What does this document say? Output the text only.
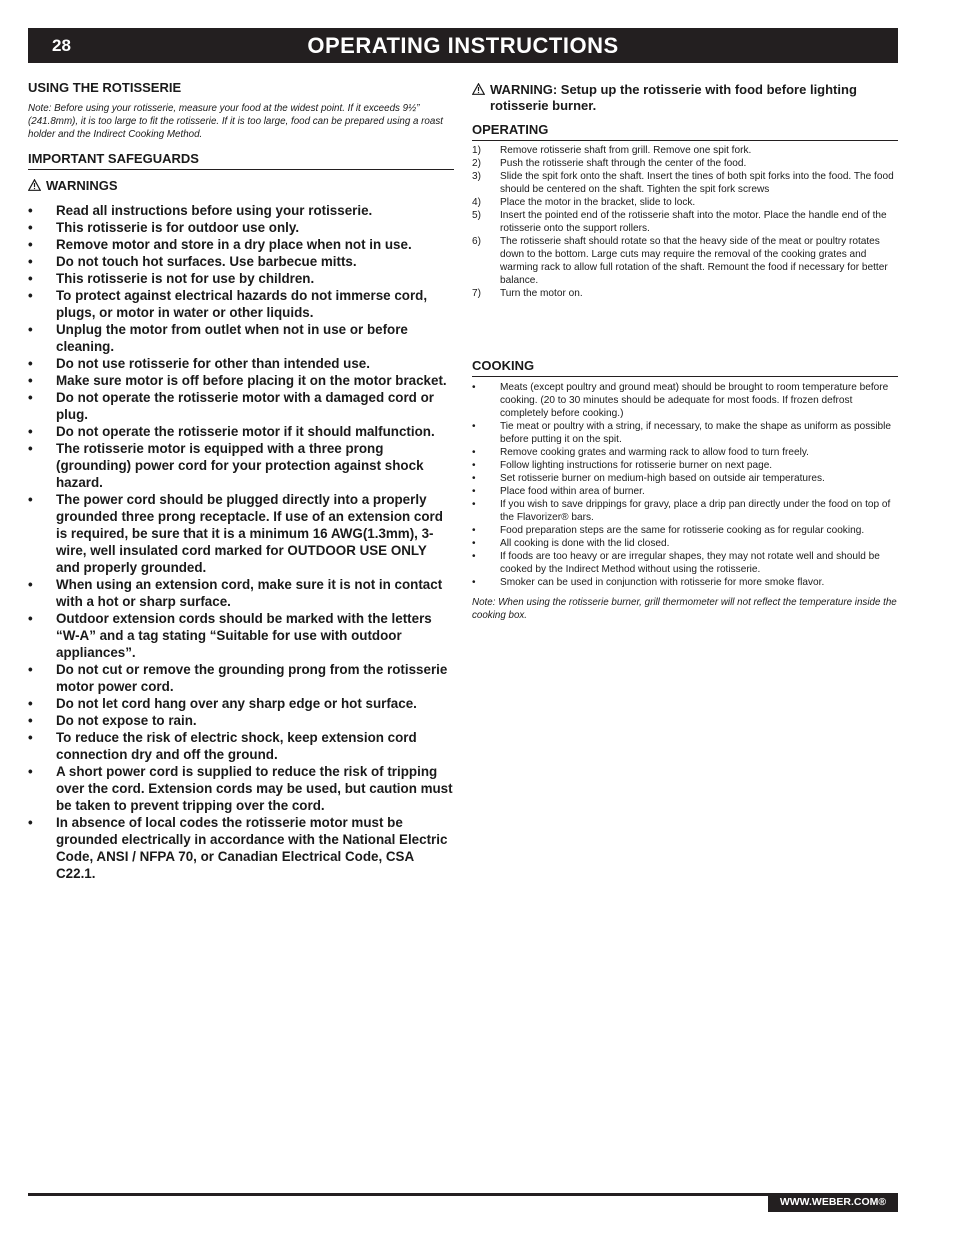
28	OPERATING INSTRUCTIONS

USING THE ROTISSERIE

Note: Before using your rotisserie, measure your food at the widest point. If it exceeds 9½” (241.8mm), it is too large to fit the rotisserie. If it is too large, food can be prepared using a roast holder and the Indirect Cooking Method.

IMPORTANT SAFEGUARDS

WARNINGS
• Read all instructions before using your rotisserie.
• This rotisserie is for outdoor use only.
• Remove motor and store in a dry place when not in use.
• Do not touch hot surfaces. Use barbecue mitts.
• This rotisserie is not for use by children.
• To protect against electrical hazards do not immerse cord, plugs, or motor in water or other liquids.
• Unplug the motor from outlet when not in use or before cleaning.
• Do not use rotisserie for other than intended use.
• Make sure motor is off before placing it on the motor bracket.
• Do not operate the rotisserie motor with a damaged cord or plug.
• Do not operate the rotisserie motor if it should malfunction.
• The rotisserie motor is equipped with a three prong (grounding) power cord for your protection against shock hazard.
• The power cord should be plugged directly into a properly grounded three prong receptacle. If use of an extension cord is required, be sure that it is a minimum 16 AWG(1.3mm), 3-wire, well insulated cord marked for OUTDOOR USE ONLY and properly grounded.
• When using an extension cord, make sure it is not in contact with a hot or sharp surface.
• Outdoor extension cords should be marked with the letters “W-A” and a tag stating “Suitable for use with outdoor appliances”.
• Do not cut or remove the grounding prong from the rotisserie motor power cord.
• Do not let cord hang over any sharp edge or hot surface.
• Do not expose to rain.
• To reduce the risk of electric shock, keep extension cord connection dry and off the ground.
• A short power cord is supplied to reduce the risk of tripping over the cord. Extension cords may be used, but caution must be taken to prevent tripping over the cord.
• In absence of local codes the rotisserie motor must be grounded electrically in accordance with the National Electric Code, ANSI / NFPA 70, or Canadian Electrical Code, CSA C22.1.
WARNING: Setup up the rotisserie with food before lighting rotisserie burner.

OPERATING

1) Remove rotisserie shaft from grill. Remove one spit fork.
2) Push the rotisserie shaft through the center of the food.
3) Slide the spit fork onto the shaft. Insert the tines of both spit forks into the food. The food should be centered on the shaft. Tighten the spit fork screws
4) Place the motor in the bracket, slide to lock.
5) Insert the pointed end of the rotisserie shaft into the motor. Place the handle end of the rotisserie onto the support rollers.
6) The rotisserie shaft should rotate so that the heavy side of the meat or poultry rotates down to the bottom. Large cuts may require the removal of the cooking grates and warming rack to allow full rotation of the shaft. Remount the food if necessary for better balance.
7) Turn the motor on.

COOKING

• Meats (except poultry and ground meat) should be brought to room temperature before cooking. (20 to 30 minutes should be adequate for most foods. If frozen defrost completely before cooking.)
• Tie meat or poultry with a string, if necessary, to make the shape as uniform as possible before putting it on the spit.
• Remove cooking grates and warming rack to allow food to turn freely.
• Follow lighting instructions for rotisserie burner on next page.
• Set rotisserie burner on medium-high based on outside air temperatures.
• Place food within area of burner.
• If you wish to save drippings for gravy, place a drip pan directly under the food on top of the Flavorizer® bars.
• Food preparation steps are the same for rotisserie cooking as for regular cooking.
• All cooking is done with the lid closed.
• If foods are too heavy or are irregular shapes, they may not rotate well and should be cooked by the Indirect Method without using the rotisserie.
• Smoker can be used in conjunction with rotisserie for more smoke flavor.

Note: When using the rotisserie burner, grill thermometer will not reflect the temperature inside the cooking box.

WWW.WEBER.COM®
